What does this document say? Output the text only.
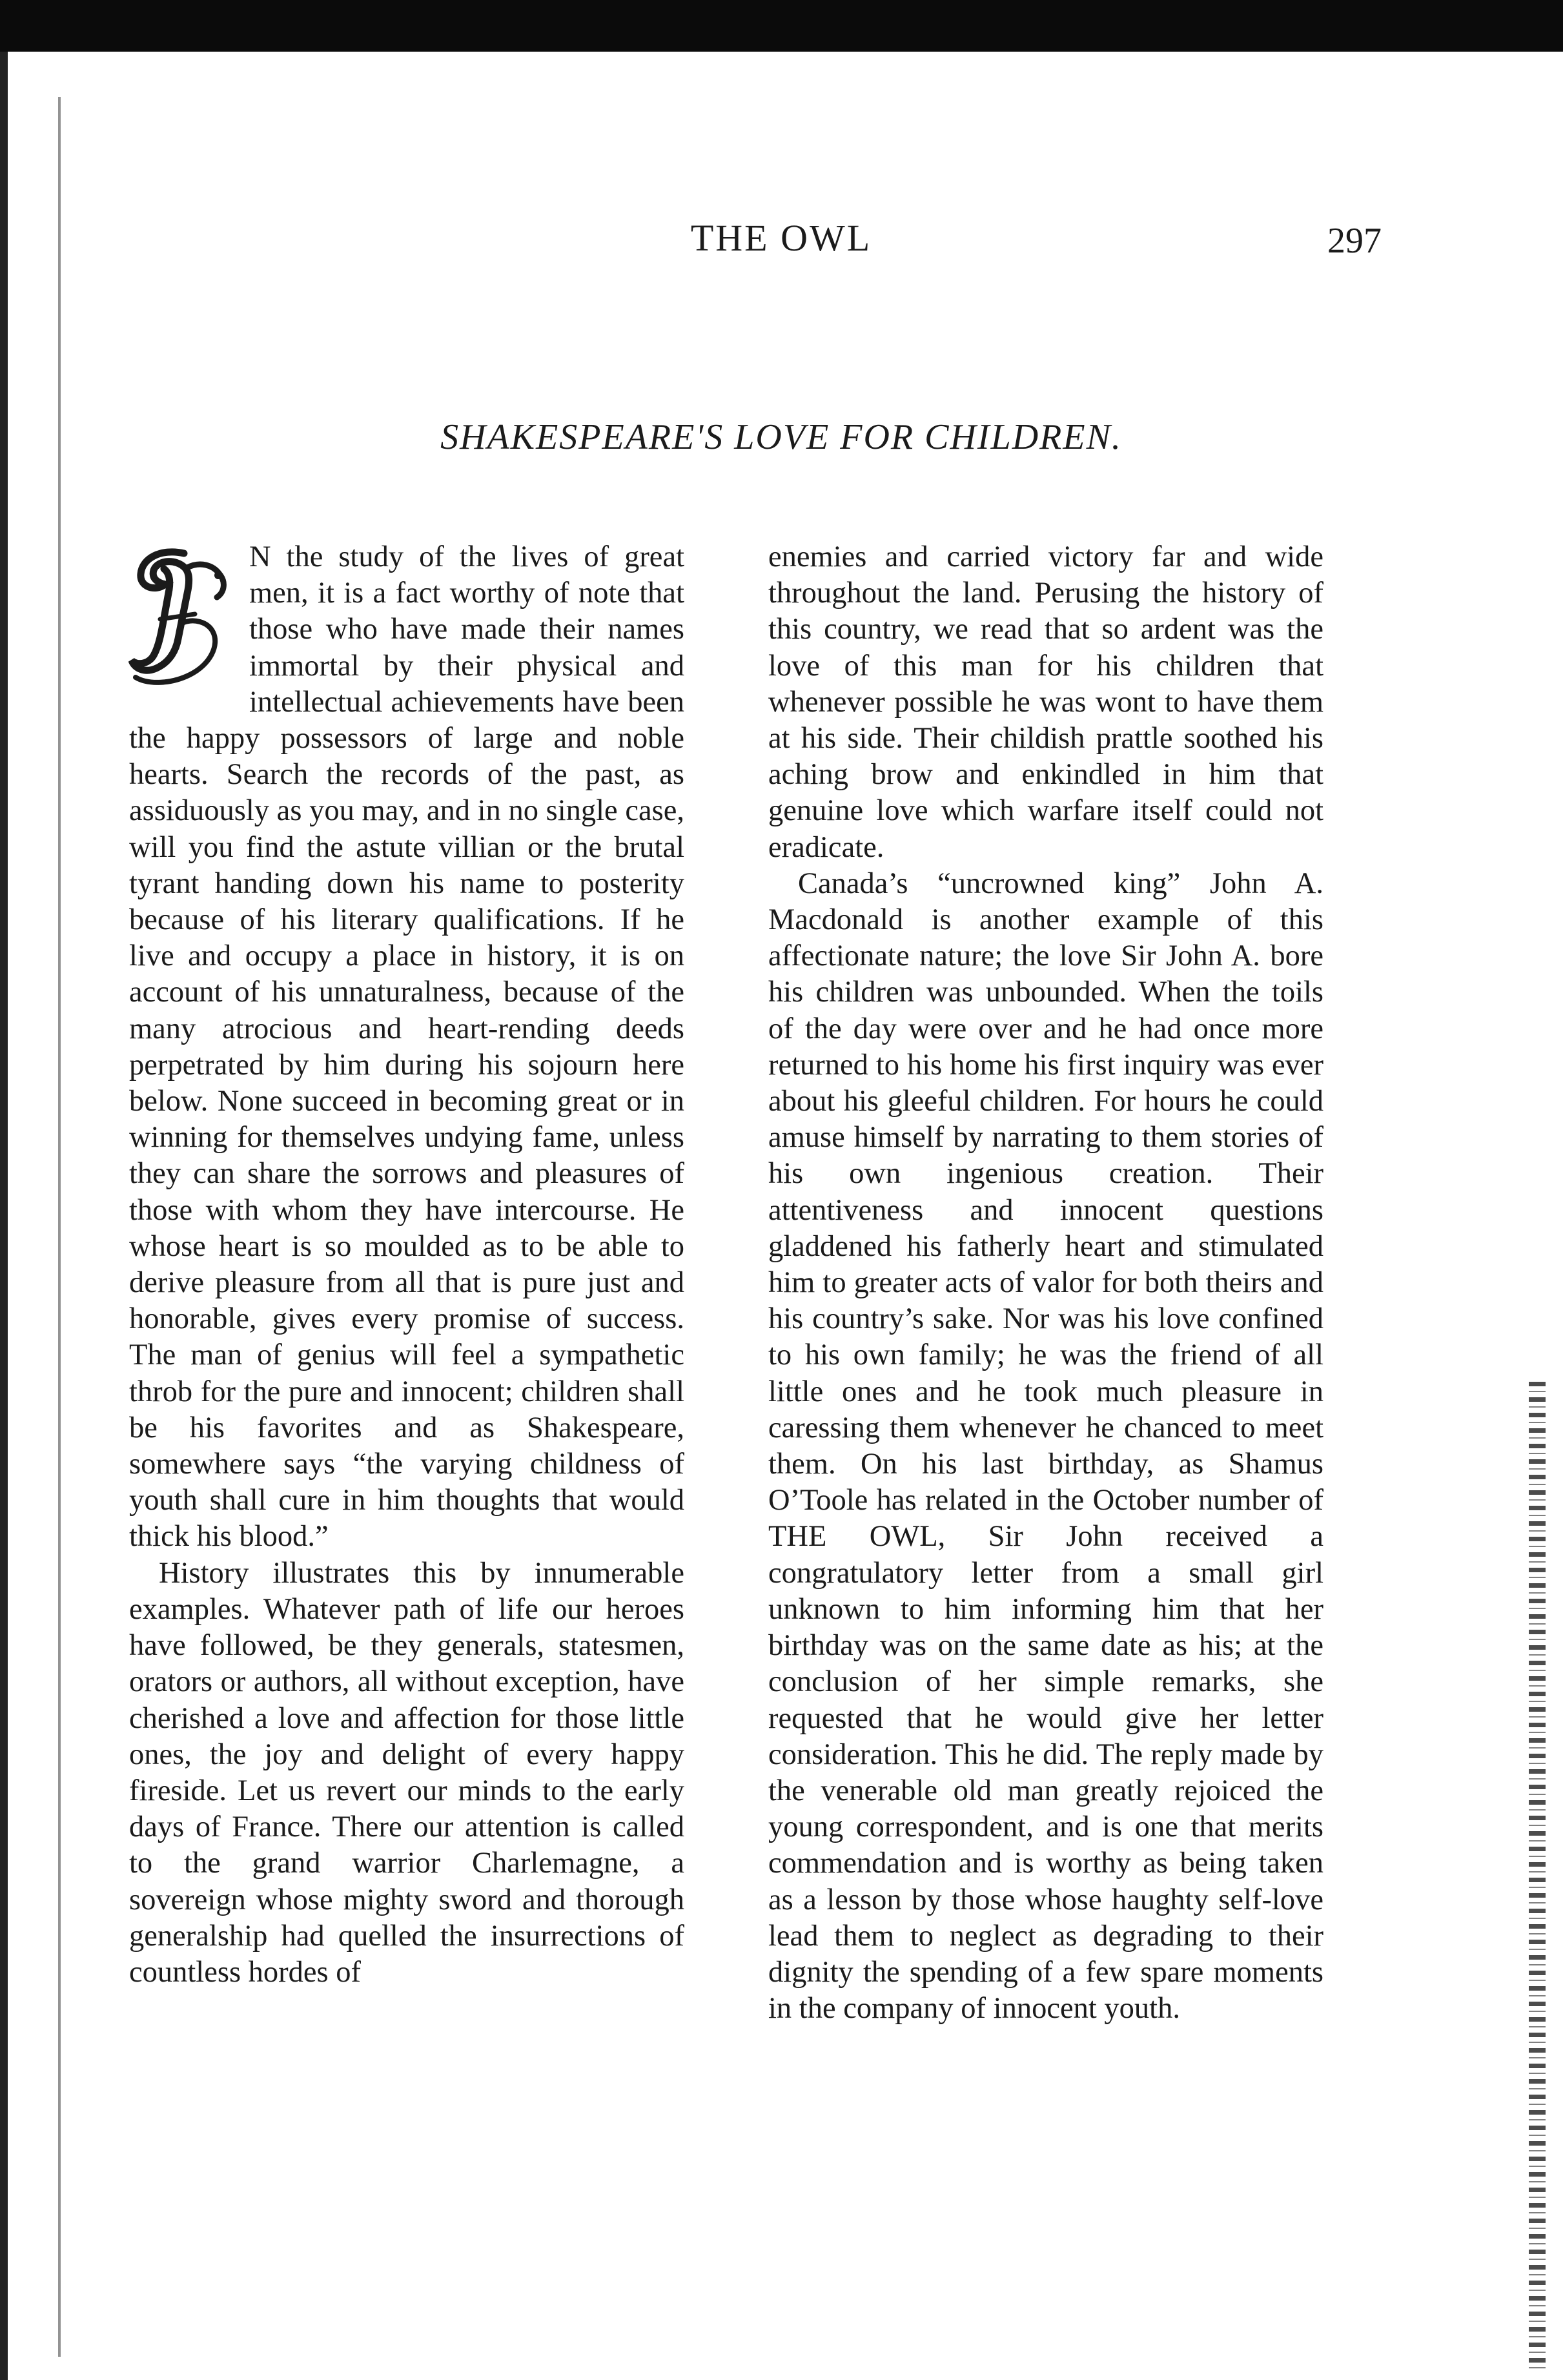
THE OWL	297
SHAKESPEARE'S LOVE FOR CHILDREN.

N the study of the lives of great men, it is a fact worthy of note that those who have made their names immortal by their physical and intellectual achievements have been the happy possessors of large and noble hearts. Search the records of the past, as assiduously as you may, and in no single case, will you find the astute villian or the brutal tyrant handing down his name to posterity because of his literary qualifications. If he live and occupy a place in history, it is on account of his unnaturalness, because of the many atrocious and heart-rending deeds perpetrated by him during his sojourn here below. None succeed in becoming great or in winning for themselves undying fame, unless they can share the sorrows and pleasures of those with whom they have intercourse. He whose heart is so moulded as to be able to derive pleasure from all that is pure just and honorable, gives every promise of success. The man of genius will feel a sympathetic throb for the pure and innocent; children shall be his favorites and as Shakespeare, somewhere says “the varying childness of youth shall cure in him thoughts that would thick his blood.”

History illustrates this by innumerable examples. Whatever path of life our heroes have followed, be they generals, statesmen, orators or authors, all without exception, have cherished a love and affection for those little ones, the joy and delight of every happy fireside. Let us revert our minds to the early days of France. There our attention is called to the grand warrior Charlemagne, a sovereign whose mighty sword and thorough generalship had quelled the insurrections of countless hordes of

enemies and carried victory far and wide throughout the land. Perusing the history of this country, we read that so ardent was the love of this man for his children that whenever possible he was wont to have them at his side. Their childish prattle soothed his aching brow and enkindled in him that genuine love which warfare itself could not eradicate.

Canada’s “uncrowned king” John A. Macdonald is another example of this affectionate nature; the love Sir John A. bore his children was unbounded. When the toils of the day were over and he had once more returned to his home his first inquiry was ever about his gleeful children. For hours he could amuse himself by narrating to them stories of his own ingenious creation. Their attentiveness and innocent questions gladdened his fatherly heart and stimulated him to greater acts of valor for both theirs and his country’s sake. Nor was his love confined to his own family; he was the friend of all little ones and he took much pleasure in caressing them whenever he chanced to meet them. On his last birthday, as Shamus O’Toole has related in the October number of THE OWL, Sir John received a congratulatory letter from a small girl unknown to him informing him that her birthday was on the same date as his; at the conclusion of her simple remarks, she requested that he would give her letter consideration. This he did. The reply made by the venerable old man greatly rejoiced the young correspondent, and is one that merits commendation and is worthy as being taken as a lesson by those whose haughty self-love lead them to neglect as degrading to their dignity the spending of a few spare moments in the company of innocent youth.
